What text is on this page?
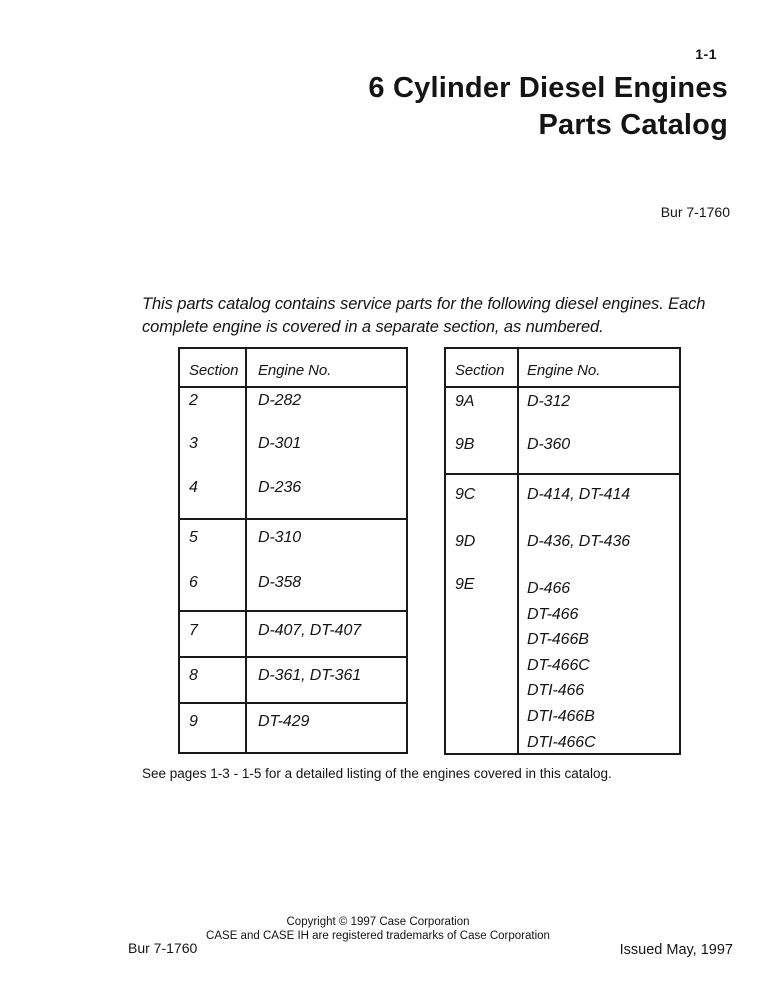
1-1
6 Cylinder Diesel Engines
Parts Catalog
Bur 7-1760
This parts catalog contains service parts for the following diesel engines. Each
complete engine is covered in a separate section, as numbered.
Section	Engine No.
2	D-282
3	D-301
4	D-236
5	D-310
6	D-358
7	D-407, DT-407
8	D-361, DT-361
9	DT-429
Section	Engine No.
9A	D-312
9B	D-360
9C	D-414, DT-414
9D	D-436, DT-436
9E	D-466
DT-466
DT-466B
DT-466C
DTI-466
DTI-466B
DTI-466C
See pages 1-3 - 1-5 for a detailed listing of the engines covered in this catalog.
Copyright © 1997 Case Corporation
CASE and CASE IH are registered trademarks of Case Corporation
Bur 7-1760	Issued May, 1997
